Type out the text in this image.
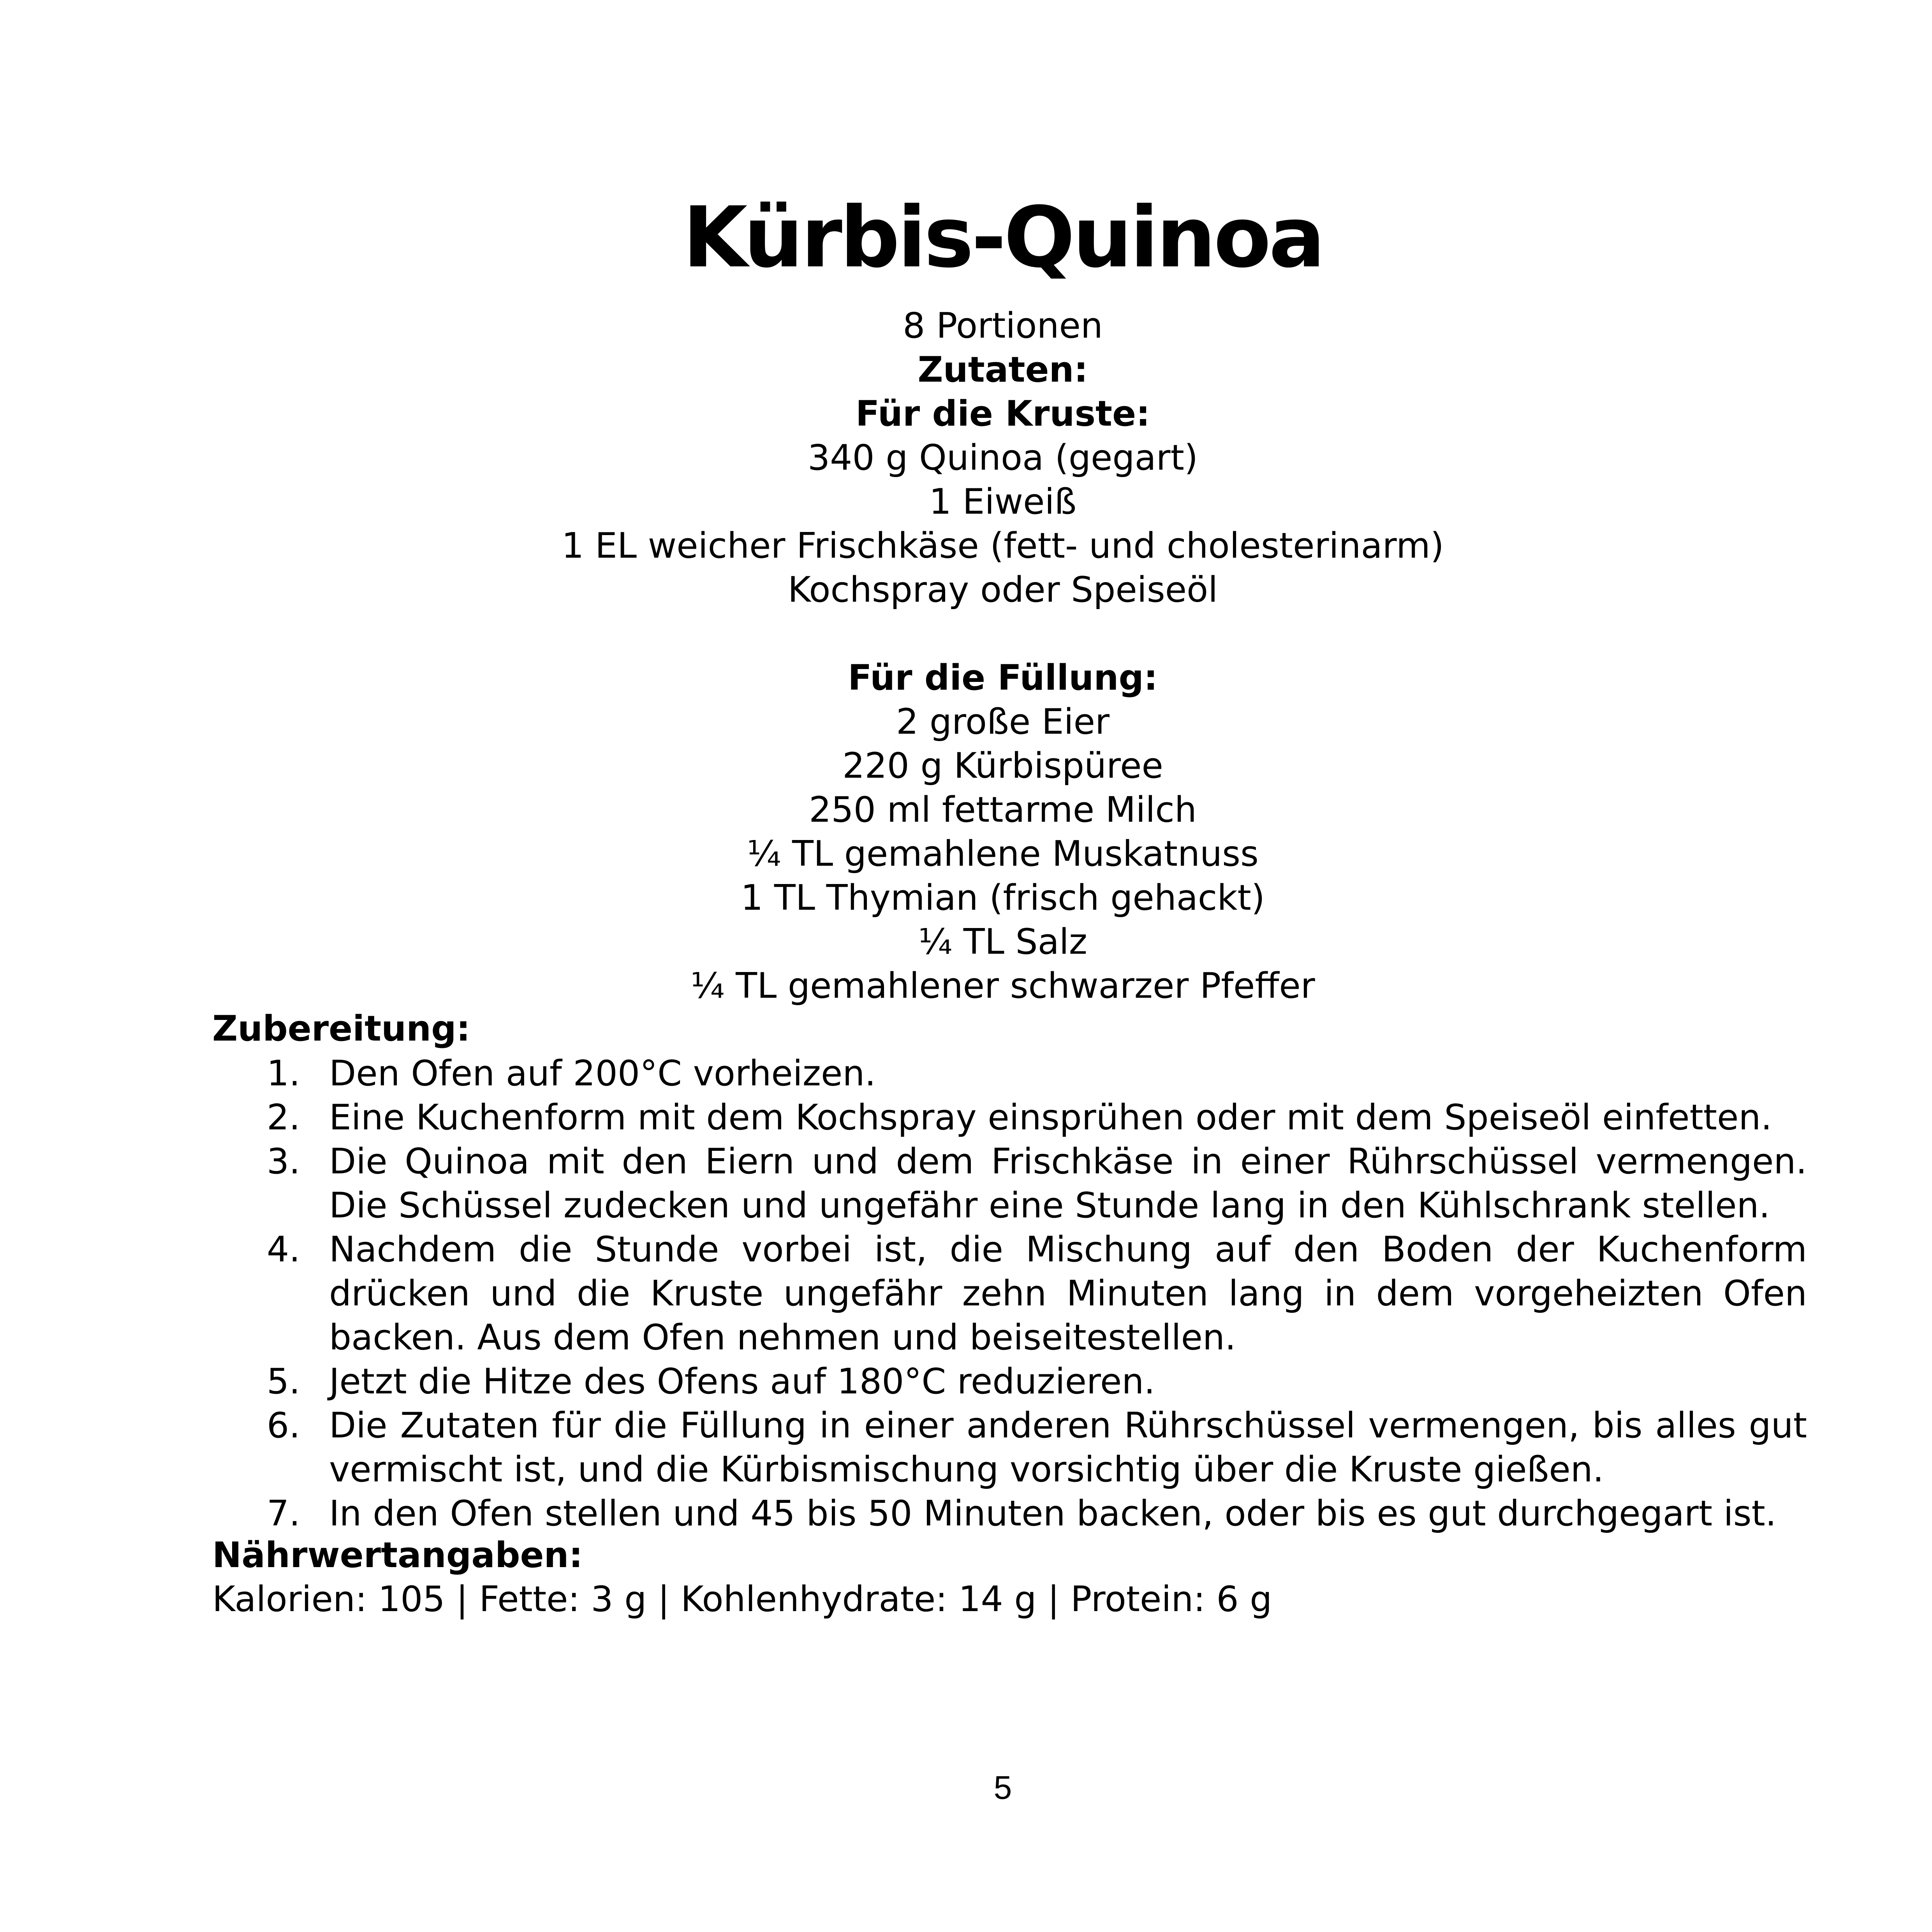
Kürbis-Quinoa
8 Portionen
Zutaten:
Für die Kruste:
340 g Quinoa (gegart)
1 Eiweiß
1 EL weicher Frischkäse (fett- und cholesterinarm)
Kochspray oder Speiseöl
Für die Füllung:
2 große Eier
220 g Kürbispüree
250 ml fettarme Milch
¼ TL gemahlene Muskatnuss
1 TL Thymian (frisch gehackt)
¼ TL Salz
¼ TL gemahlener schwarzer Pfeffer
Zubereitung:
1. Den Ofen auf 200°C vorheizen.
2. Eine Kuchenform mit dem Kochspray einsprühen oder mit dem Speiseöl einfetten.
3. Die Quinoa mit den Eiern und dem Frischkäse in einer Rührschüssel vermengen. Die Schüssel zudecken und ungefähr eine Stunde lang in den Kühlschrank stellen.
4. Nachdem die Stunde vorbei ist, die Mischung auf den Boden der Kuchenform drücken und die Kruste ungefähr zehn Minuten lang in dem vorgeheizten Ofen backen. Aus dem Ofen nehmen und beiseitestellen.
5. Jetzt die Hitze des Ofens auf 180°C reduzieren.
6. Die Zutaten für die Füllung in einer anderen Rührschüssel vermengen, bis alles gut vermischt ist, und die Kürbismischung vorsichtig über die Kruste gießen.
7. In den Ofen stellen und 45 bis 50 Minuten backen, oder bis es gut durchgegart ist.
Nährwertangaben:
Kalorien: 105 | Fette: 3 g | Kohlenhydrate: 14 g | Protein: 6 g
5
